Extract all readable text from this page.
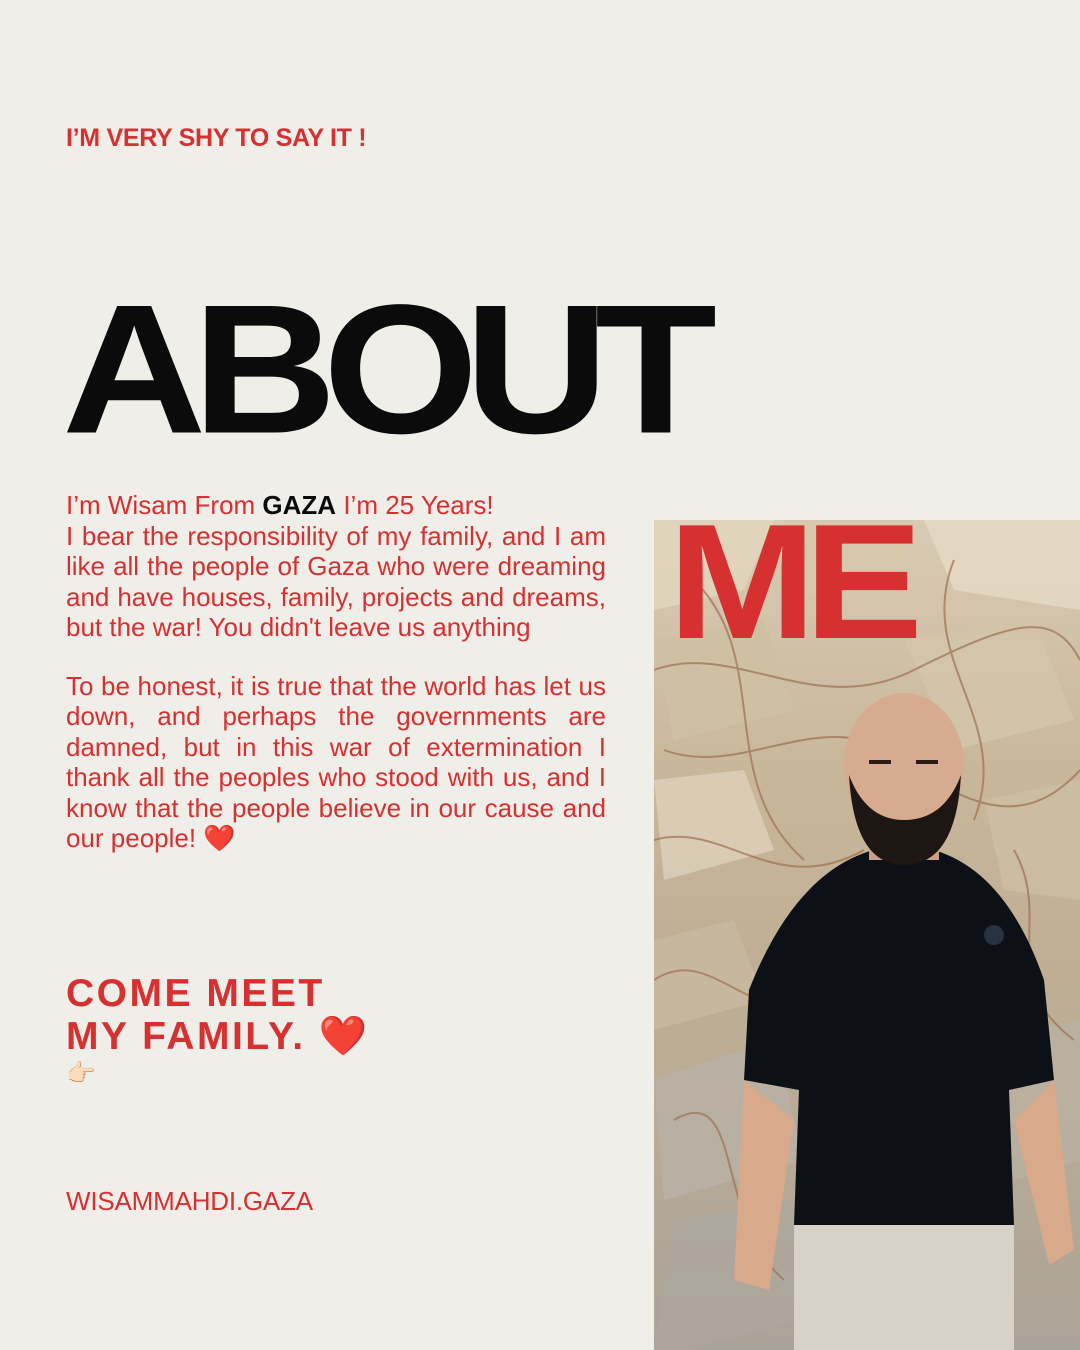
I’M VERY SHY TO SAY IT !

ABOUT
ME

I’m Wisam From GAZA I’m 25 Years!
I bear the responsibility of my family, and I am like all the people of Gaza who were dreaming and have houses, family, projects and dreams, but the war! You didn't leave us anything

To be honest, it is true that the world has let us down, and perhaps the governments are damned, but in this war of extermination I thank all the peoples who stood with us, and I know that the people believe in our cause and our people! ❤️

COME MEET
MY FAMILY. ❤️
👉🏻

WISAMMAHDI.GAZA
